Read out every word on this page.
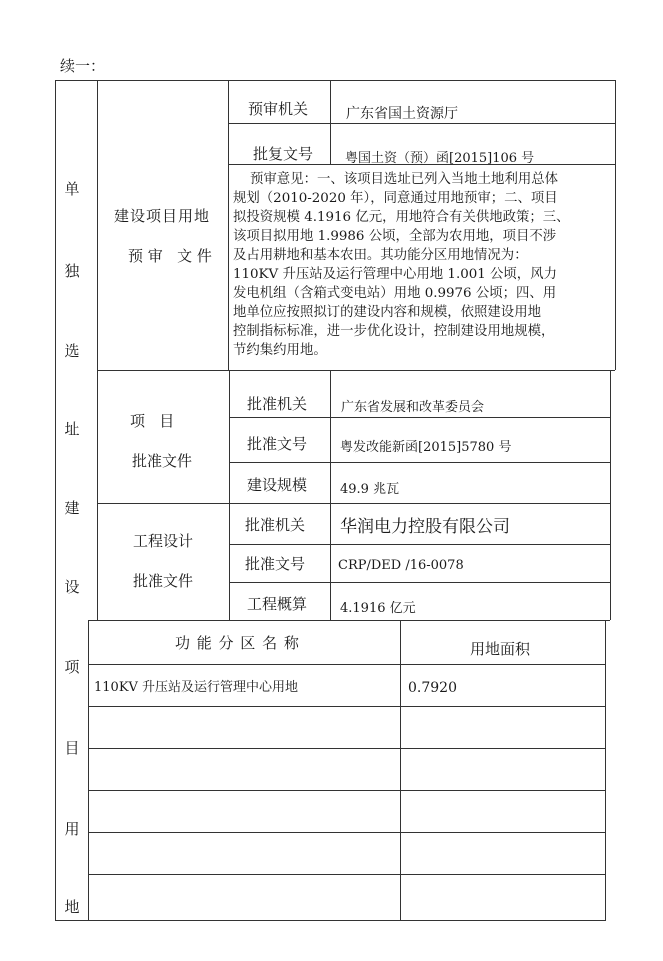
续一：
单
独
选
址
建
设
项
目
用
地
建设项目用地
预 审   文 件
预审机关	广东省国土资源厅
批复文号 粤国土资（预）函[2015]106 号
预审意见：一、该项目选址已列入当地土地利用总体
规划（2010-2020 年），同意通过用地预审；二、项目
拟投资规模 4.1916 亿元，用地符合有关供地政策；三、
该项目拟用地 1.9986 公顷，全部为农用地，项目不涉
及占用耕地和基本农田。其功能分区用地情况为：
110KV 升压站及运行管理中心用地 1.001 公顷，风力
发电机组（含箱式变电站）用地 0.9976 公顷；四、用
地单位应按照拟订的建设内容和规模，依照建设用地
控制指标标准，进一步优化设计，控制建设用地规模，
节约集约用地。
项   目
批准文件
批准机关	广东省发展和改革委员会
批准文号	粤发改能新函[2015]5780 号
建设规模	49.9 兆瓦
工程设计
批准文件
批准机关 华润电力控股有限公司
批准文号	CRP/DED /16-0078
工程概算	4.1916 亿元
功 能 分 区 名 称	用地面积
110KV 升压站及运行管理中心用地	0.7920
